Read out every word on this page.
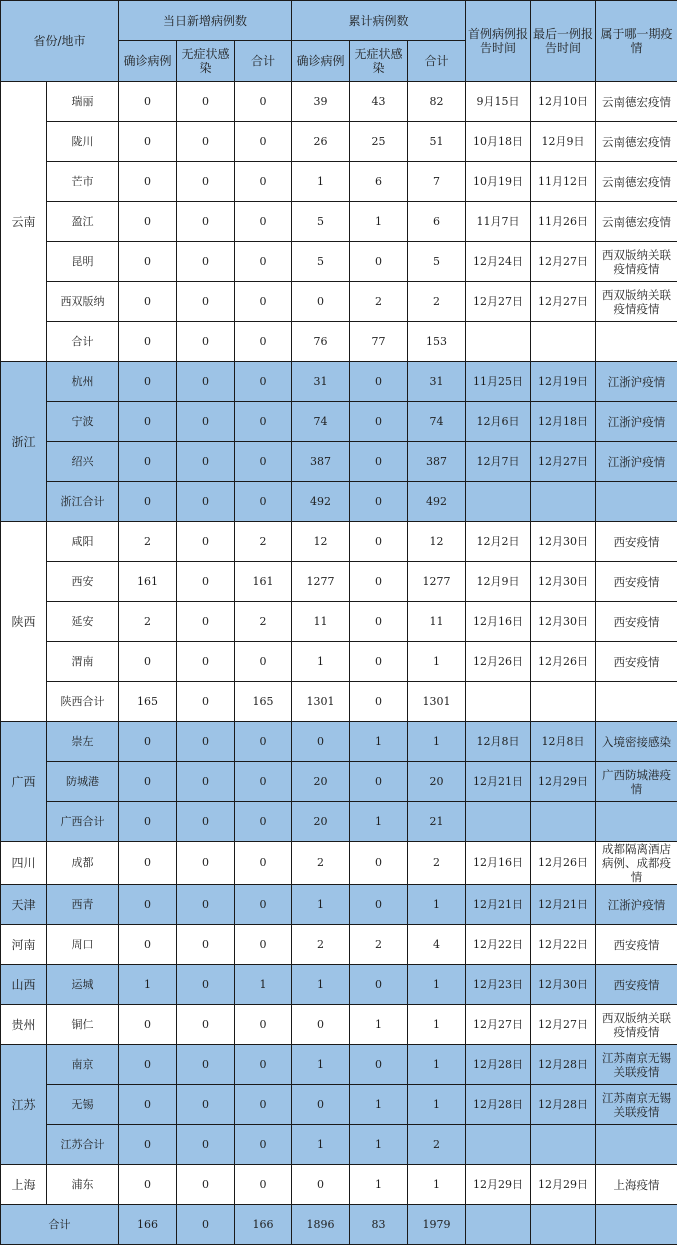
省份/地市		当日新增病例数			累计病例数			首例病例报告时间	最后一例报告时间	属于哪一期疫情
		确诊病例	无症状感染	合计	确诊病例	无症状感染	合计			
云南	瑞丽	0	0	0	39	43	82	9月15日	12月10日	云南德宏疫情
	陇川	0	0	0	26	25	51	10月18日	12月9日	云南德宏疫情
	芒市	0	0	0	1	6	7	10月19日	11月12日	云南德宏疫情
	盈江	0	0	0	5	1	6	11月7日	11月26日	云南德宏疫情
	昆明	0	0	0	5	0	5	12月24日	12月27日	西双版纳关联疫情疫情
	西双版纳	0	0	0	0	2	2	12月27日	12月27日	西双版纳关联疫情疫情
	合计	0	0	0	76	77	153			
浙江	杭州	0	0	0	31	0	31	11月25日	12月19日	江浙沪疫情
	宁波	0	0	0	74	0	74	12月6日	12月18日	江浙沪疫情
	绍兴	0	0	0	387	0	387	12月7日	12月27日	江浙沪疫情
	浙江合计	0	0	0	492	0	492			
陕西	咸阳	2	0	2	12	0	12	12月2日	12月30日	西安疫情
	西安	161	0	161	1277	0	1277	12月9日	12月30日	西安疫情
	延安	2	0	2	11	0	11	12月16日	12月30日	西安疫情
	渭南	0	0	0	1	0	1	12月26日	12月26日	西安疫情
	陕西合计	165	0	165	1301	0	1301			
广西	崇左	0	0	0	0	1	1	12月8日	12月8日	入境密接感染
	防城港	0	0	0	20	0	20	12月21日	12月29日	广西防城港疫情
	广西合计	0	0	0	20	1	21			
四川	成都	0	0	0	2	0	2	12月16日	12月26日	成都隔离酒店病例、成都疫情
天津	西青	0	0	0	1	0	1	12月21日	12月21日	江浙沪疫情
河南	周口	0	0	0	2	2	4	12月22日	12月22日	西安疫情
山西	运城	1	0	1	1	0	1	12月23日	12月30日	西安疫情
贵州	铜仁	0	0	0	0	1	1	12月27日	12月27日	西双版纳关联疫情疫情
江苏	南京	0	0	0	1	0	1	12月28日	12月28日	江苏南京无锡关联疫情
	无锡	0	0	0	0	1	1	12月28日	12月28日	江苏南京无锡关联疫情
	江苏合计	0	0	0	1	1	2			
上海	浦东	0	0	0	0	1	1	12月29日	12月29日	上海疫情
合计		166	0	166	1896	83	1979			
